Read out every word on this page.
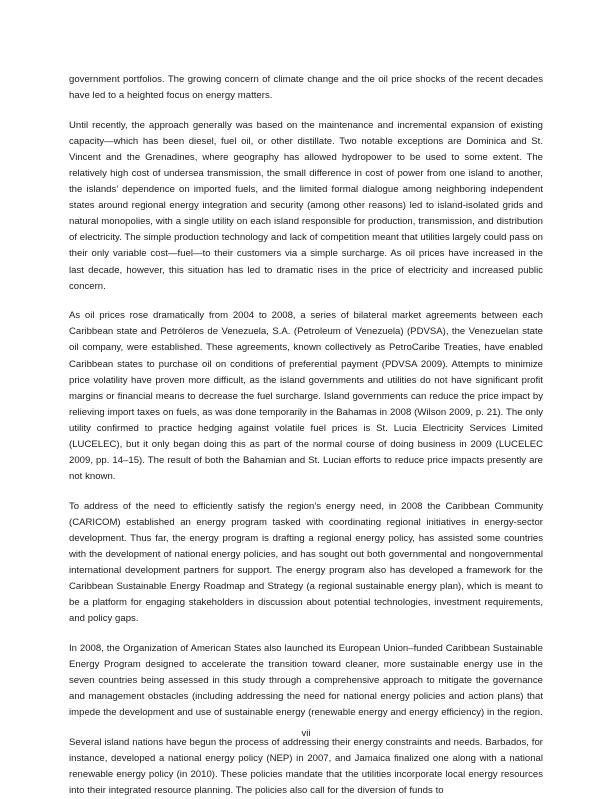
government portfolios. The growing concern of climate change and the oil price shocks of the recent decades have led to a heighted focus on energy matters.

Until recently, the approach generally was based on the maintenance and incremental expansion of existing capacity—which has been diesel, fuel oil, or other distillate. Two notable exceptions are Dominica and St. Vincent and the Grenadines, where geography has allowed hydropower to be used to some extent. The relatively high cost of undersea transmission, the small difference in cost of power from one island to another, the islands’ dependence on imported fuels, and the limited formal dialogue among neighboring independent states around regional energy integration and security (among other reasons) led to island-isolated grids and natural monopolies, with a single utility on each island responsible for production, transmission, and distribution of electricity. The simple production technology and lack of competition meant that utilities largely could pass on their only variable cost—fuel—to their customers via a simple surcharge. As oil prices have increased in the last decade, however, this situation has led to dramatic rises in the price of electricity and increased public concern.

As oil prices rose dramatically from 2004 to 2008, a series of bilateral market agreements between each Caribbean state and Petróleros de Venezuela, S.A. (Petroleum of Venezuela) (PDVSA), the Venezuelan state oil company, were established. These agreements, known collectively as PetroCaribe Treaties, have enabled Caribbean states to purchase oil on conditions of preferential payment (PDVSA 2009). Attempts to minimize price volatility have proven more difficult, as the island governments and utilities do not have significant profit margins or financial means to decrease the fuel surcharge. Island governments can reduce the price impact by relieving import taxes on fuels, as was done temporarily in the Bahamas in 2008 (Wilson 2009, p. 21). The only utility confirmed to practice hedging against volatile fuel prices is St. Lucia Electricity Services Limited (LUCELEC), but it only began doing this as part of the normal course of doing business in 2009 (LUCELEC 2009, pp. 14–15). The result of both the Bahamian and St. Lucian efforts to reduce price impacts presently are not known.

To address of the need to efficiently satisfy the region’s energy need, in 2008 the Caribbean Community (CARICOM) established an energy program tasked with coordinating regional initiatives in energy-sector development. Thus far, the energy program is drafting a regional energy policy, has assisted some countries with the development of national energy policies, and has sought out both governmental and nongovernmental international development partners for support. The energy program also has developed a framework for the Caribbean Sustainable Energy Roadmap and Strategy (a regional sustainable energy plan), which is meant to be a platform for engaging stakeholders in discussion about potential technologies, investment requirements, and policy gaps.

In 2008, the Organization of American States also launched its European Union–funded Caribbean Sustainable Energy Program designed to accelerate the transition toward cleaner, more sustainable energy use in the seven countries being assessed in this study through a comprehensive approach to mitigate the governance and management obstacles (including addressing the need for national energy policies and action plans) that impede the development and use of sustainable energy (renewable energy and energy efficiency) in the region.

Several island nations have begun the process of addressing their energy constraints and needs. Barbados, for instance, developed a national energy policy (NEP) in 2007, and Jamaica finalized one along with a national renewable energy policy (in 2010). These policies mandate that the utilities incorporate local energy resources into their integrated resource planning. The policies also call for the diversion of funds to

vii
